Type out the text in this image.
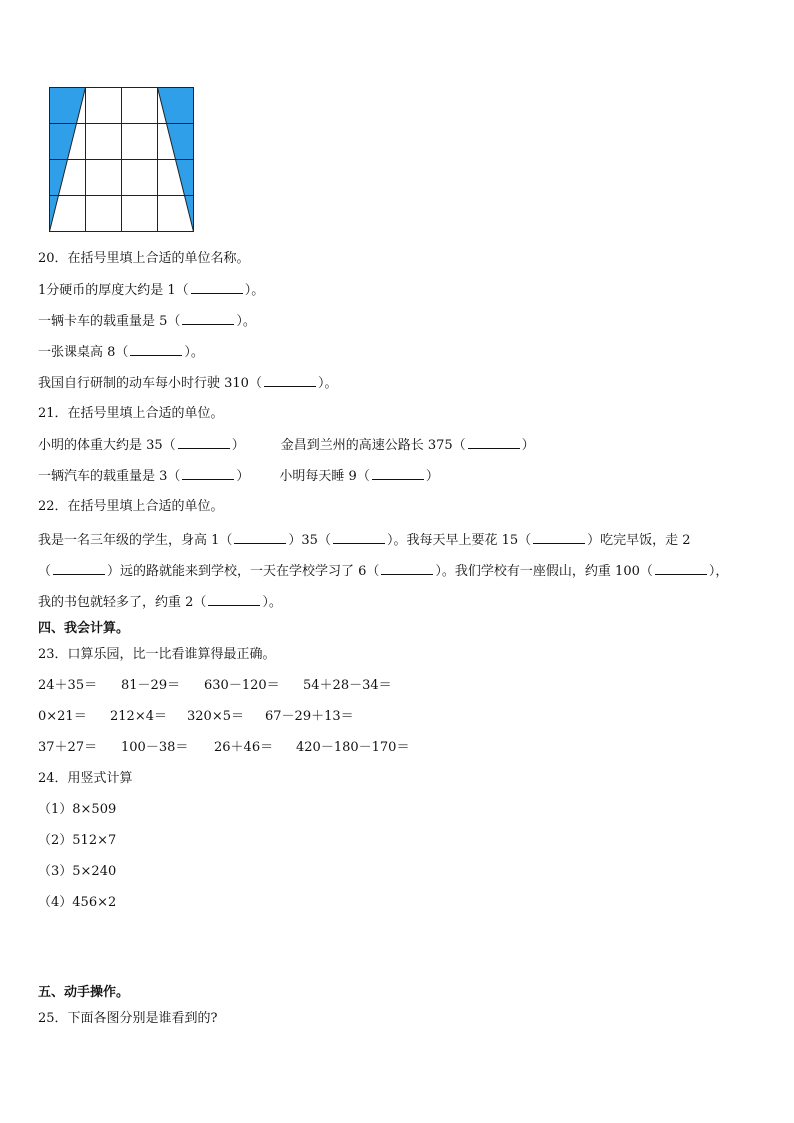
20．在括号里填上合适的单位名称。
1分硬币的厚度大约是 1（	）。
一辆卡车的载重量是 5（	）。
一张课桌高 8（	）。
我国自行研制的动车每小时行驶 310（	）。
21．在括号里填上合适的单位。
小明的体重大约是 35（	）	金昌到兰州的高速公路长 375（	）
一辆汽车的载重量是 3（	） 小明每天睡 9（	）
22．在括号里填上合适的单位。
我是一名三年级的学生，身高 1（	）35（	）。我每天早上要花 15（	）吃完早饭，走 2
（	）远的路就能来到学校，一天在学校学习了 6（	）。我们学校有一座假山，约重 100（	），
我的书包就轻多了，约重 2（	）。
四、我会计算。
23．口算乐园，比一比看谁算得最正确。
24＋35＝ 81－29＝ 630－120＝ 54＋28－34＝
0×21＝ 212×4＝ 320×5＝ 67－29＋13＝
37＋27＝ 100－38＝ 26＋46＝ 420－180－170＝
24．用竖式计算
（1）8×509
（2）512×7
（3）5×240
（4）456×2
五、动手操作。
25．下面各图分别是谁看到的?
